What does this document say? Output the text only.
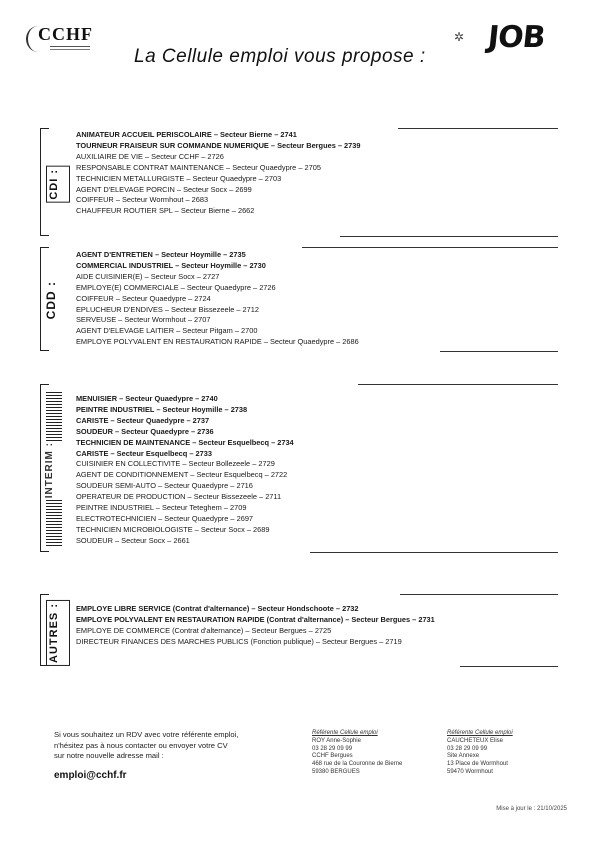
CCHF	✲ JOB
La Cellule emploi vous propose :
CDI :
ANIMATEUR ACCUEIL PERISCOLAIRE – Secteur Bierne – 2741
TOURNEUR FRAISEUR SUR COMMANDE NUMERIQUE – Secteur Bergues – 2739
AUXILIAIRE DE VIE – Secteur CCHF – 2726
RESPONSABLE CONTRAT MAINTENANCE – Secteur Quaedypre – 2705
TECHNICIEN METALLURGISTE – Secteur Quaedypre – 2703
AGENT D'ELEVAGE PORCIN – Secteur Socx – 2699
COIFFEUR – Secteur Wormhout – 2683
CHAUFFEUR ROUTIER SPL – Secteur Bierne – 2662
CDD :
AGENT D'ENTRETIEN – Secteur Hoymille – 2735
COMMERCIAL INDUSTRIEL – Secteur Hoymille – 2730
AIDE CUISINIER(E) – Secteur Socx – 2727
EMPLOYE(E) COMMERCIALE – Secteur Quaedypre – 2726
COIFFEUR – Secteur Quaedypre – 2724
EPLUCHEUR D'ENDIVES – Secteur Bissezeele – 2712
SERVEUSE – Secteur Wormhout – 2707
AGENT D'ELEVAGE LAITIER – Secteur Pitgam – 2700
EMPLOYE POLYVALENT EN RESTAURATION RAPIDE – Secteur Quaedypre – 2686
INTERIM :
MENUISIER – Secteur Quaedypre – 2740
PEINTRE INDUSTRIEL – Secteur Hoymille – 2738
CARISTE – Secteur Quaedypre – 2737
SOUDEUR – Secteur Quaedypre – 2736
TECHNICIEN DE MAINTENANCE – Secteur Esquelbecq – 2734
CARISTE – Secteur Esquelbecq – 2733
CUISINIER EN COLLECTIVITE – Secteur Bollezeele – 2729
AGENT DE CONDITIONNEMENT – Secteur Esquelbecq – 2722
SOUDEUR SEMI-AUTO – Secteur Quaedypre – 2716
OPERATEUR DE PRODUCTION – Secteur Bissezeele – 2711
PEINTRE INDUSTRIEL – Secteur Teteghem – 2709
ELECTROTECHNICIEN – Secteur Quaedypre – 2697
TECHNICIEN MICROBIOLOGISTE – Secteur Socx – 2689
SOUDEUR – Secteur Socx – 2661
AUTRES :	EMPLOYE LIBRE SERVICE (Contrat d'alternance) – Secteur Hondschoote – 2732
EMPLOYE POLYVALENT EN RESTAURATION RAPIDE (Contrat d'alternance) – Secteur Bergues – 2731
EMPLOYE DE COMMERCE (Contrat d'alternance) – Secteur Bergues – 2725
DIRECTEUR FINANCES DES MARCHES PUBLICS (Fonction publique) – Secteur Bergues – 2719
Si vous souhaitez un RDV avec votre référente emploi,
n'hésitez pas à nous contacter ou envoyer votre CV
sur notre nouvelle adresse mail :
emploi@cchf.fr
Référente Cellule emploi
ROY Anne-Sophie
03 28 29 09 99
CCHF Bergues
468 rue de la Couronne de Bierne
59380 BERGUES
Référente Cellule emploi
CAUCHETEUX Elise
03 28 29 09 99
Site Annexe
13 Place de Wormhout
59470 Wormhout
Mise à jour le : 21/10/2025
